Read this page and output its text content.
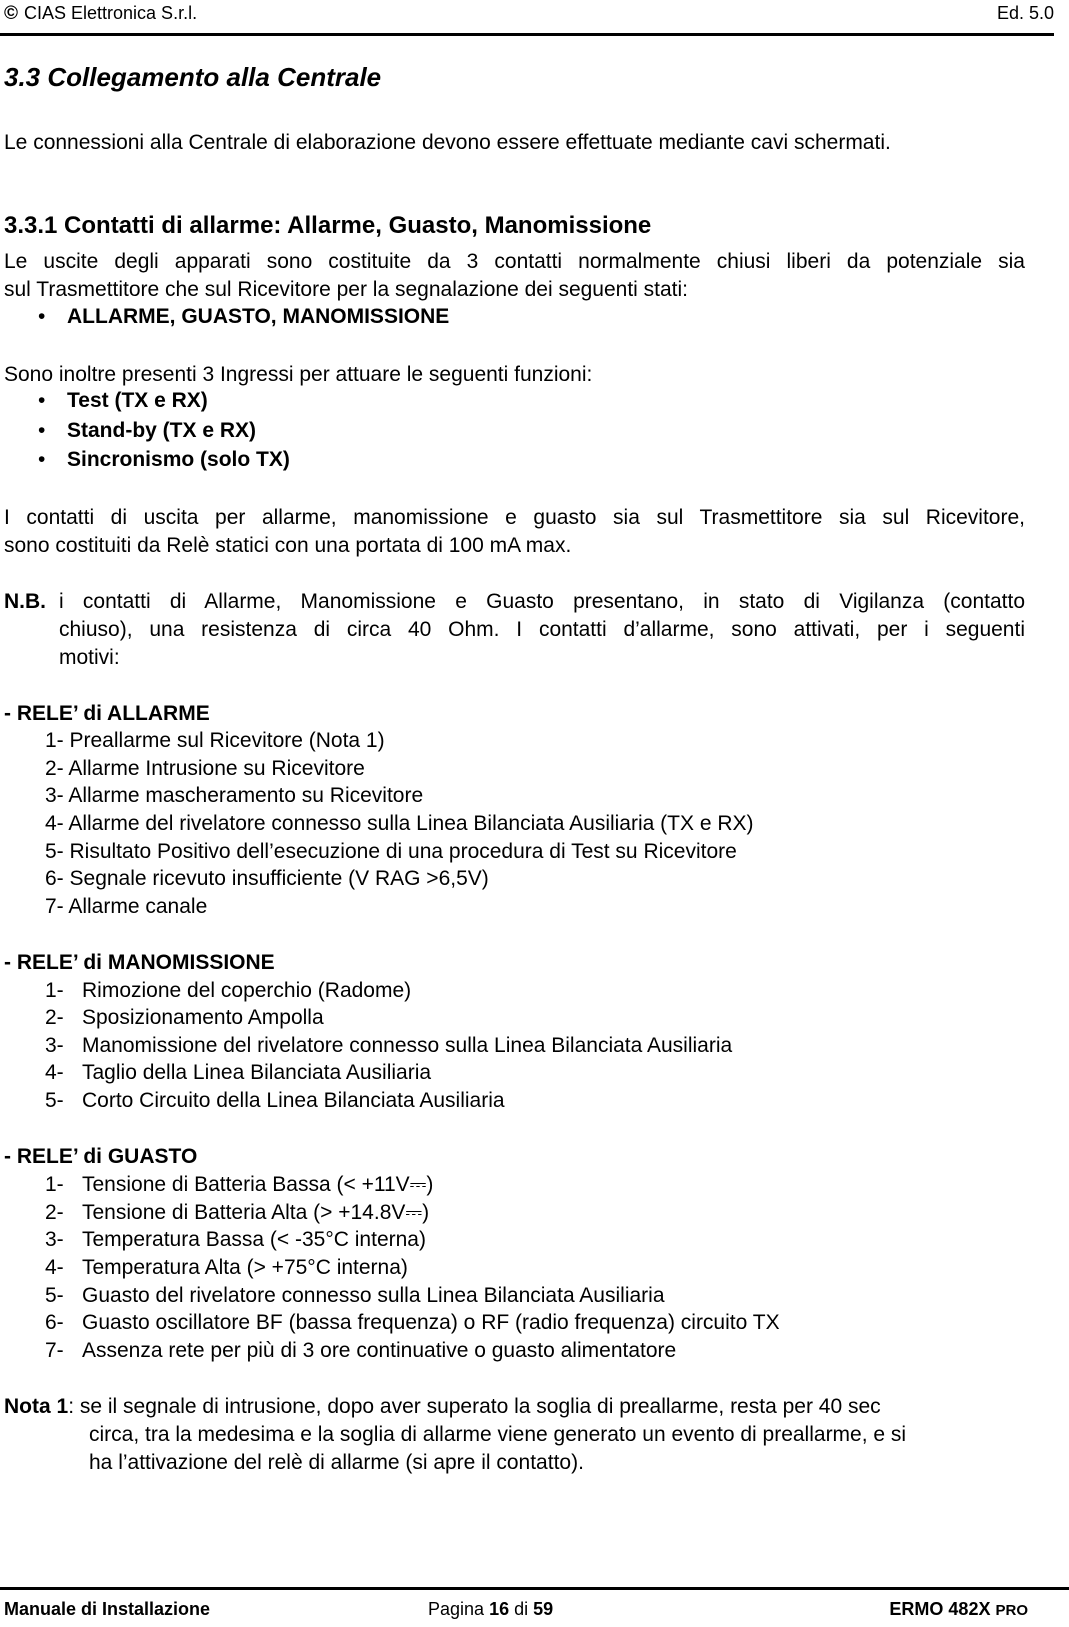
© CIAS Elettronica S.r.l.	Ed. 5.0
3.3 Collegamento alla Centrale
Le connessioni alla Centrale di elaborazione devono essere effettuate mediante cavi schermati.
3.3.1 Contatti di allarme: Allarme, Guasto, Manomissione
Le uscite degli apparati sono costituite da 3 contatti normalmente chiusi liberi da potenziale sia
sul Trasmettitore che sul Ricevitore per la segnalazione dei seguenti stati:
• ALLARME, GUASTO, MANOMISSIONE
Sono inoltre presenti 3 Ingressi per attuare le seguenti funzioni:
• Test (TX e RX)
• Stand-by (TX e RX)
• Sincronismo (solo TX)
I contatti di uscita per allarme, manomissione e guasto sia sul Trasmettitore sia sul Ricevitore,
sono costituiti da Relè statici con una portata di 100 mA max.
N.B. i contatti di Allarme, Manomissione e Guasto presentano, in stato di Vigilanza (contatto
chiuso), una resistenza di circa 40 Ohm. I contatti d’allarme, sono attivati, per i seguenti
motivi:
- RELE’ di ALLARME
1- Preallarme sul Ricevitore (Nota 1)
2- Allarme Intrusione su Ricevitore
3- Allarme mascheramento su Ricevitore
4- Allarme del rivelatore connesso sulla Linea Bilanciata Ausiliaria (TX e RX)
5- Risultato Positivo dell’esecuzione di una procedura di Test su Ricevitore
6- Segnale ricevuto insufficiente (V RAG >6,5V)
7- Allarme canale
- RELE’ di MANOMISSIONE
1- Rimozione del coperchio (Radome)
2- Sposizionamento Ampolla
3- Manomissione del rivelatore connesso sulla Linea Bilanciata Ausiliaria
4- Taglio della Linea Bilanciata Ausiliaria
5- Corto Circuito della Linea Bilanciata Ausiliaria
- RELE’ di GUASTO
1- Tensione di Batteria Bassa (< +11V⎓)
2- Tensione di Batteria Alta (> +14.8V⎓)
3- Temperatura Bassa (< -35°C interna)
4- Temperatura Alta (> +75°C interna)
5- Guasto del rivelatore connesso sulla Linea Bilanciata Ausiliaria
6- Guasto oscillatore BF (bassa frequenza) o RF (radio frequenza) circuito TX
7- Assenza rete per più di 3 ore continuative o guasto alimentatore
Nota 1: se il segnale di intrusione, dopo aver superato la soglia di preallarme, resta per 40 sec
circa, tra la medesima e la soglia di allarme viene generato un evento di preallarme, e si
ha l’attivazione del relè di allarme (si apre il contatto).
Manuale di Installazione	Pagina 16 di 59	ERMO 482X PRO
